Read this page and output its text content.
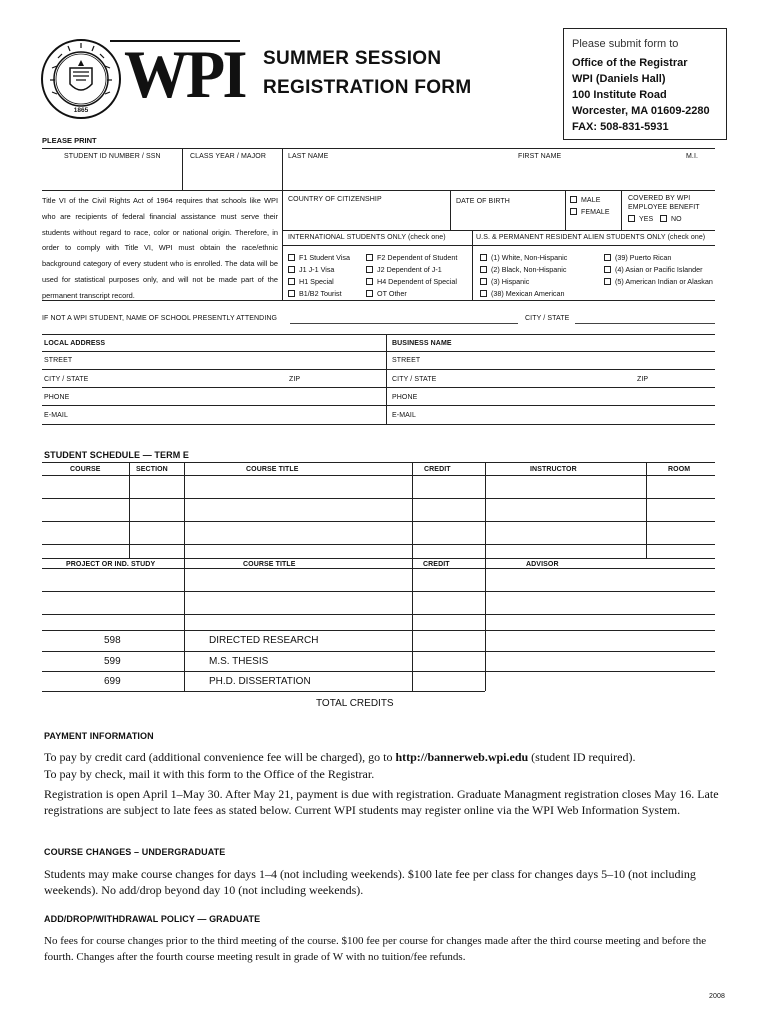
1865 WPI SUMMER SESSION
REGISTRATION FORM
Please submit form to
Office of the Registrar
WPI (Daniels Hall)
100 Institute Road
Worcester, MA 01609-2280
FAX: 508-831-5931
PLEASE PRINT
STUDENT ID NUMBER / SSN	CLASS YEAR / MAJOR	LAST NAME	FIRST NAME	M.I.
Title VI of the Civil Rights Act of 1964 requires that schools like WPI who are recipients of federal financial assistance must serve their students without regard to race, color or national origin. Therefore, in order to comply with Title VI, WPI must obtain the race/ethnic background category of every student who is enrolled. The data will be used for statistical purposes only, and will not be made part of the permanent transcript record.
COUNTRY OF CITIZENSHIP	DATE OF BIRTH	MALE
FEMALE
COVERED BY WPI
EMPLOYEE BENEFIT
YES	NO
INTERNATIONAL STUDENTS ONLY (check one)	U.S. & PERMANENT RESIDENT ALIEN STUDENTS ONLY (check one)
F1 Student Visa
J1 J-1 Visa
H1 Special
B1/B2 Tourist
F2 Dependent of Student
J2 Dependent of J-1
H4 Dependent of Special
OT Other
(1) White, Non-Hispanic
(2) Black, Non-Hispanic
(3) Hispanic
(38) Mexican American
(39) Puerto Rican
(4) Asian or Pacific Islander
(5) American Indian or Alaskan
IF NOT A WPI STUDENT, NAME OF SCHOOL PRESENTLY ATTENDING	CITY / STATE
LOCAL ADDRESS	BUSINESS NAME
STREET	STREET
CITY / STATE	ZIP	CITY / STATE	ZIP
PHONE	PHONE
E-MAIL	E-MAIL
STUDENT SCHEDULE — TERM E
COURSE	SECTION	COURSE TITLE	CREDIT	INSTRUCTOR	ROOM
PROJECT OR IND. STUDY	COURSE TITLE	CREDIT	ADVISOR
598	DIRECTED RESEARCH
599	M.S. THESIS
699	PH.D. DISSERTATION
TOTAL CREDITS
PAYMENT INFORMATION
To pay by credit card (additional convenience fee will be charged), go to http://bannerweb.wpi.edu (student ID required).
To pay by check, mail it with this form to the Office of the Registrar.
Registration is open April 1–May 30. After May 21, payment is due with registration. Graduate Managment registration closes May 16. Late registrations are subject to late fees as stated below. Current WPI students may register online via the WPI Web Information System.
COURSE CHANGES – UNDERGRADUATE
Students may make course changes for days 1–4 (not including weekends). $100 late fee per class for changes days 5–10 (not including weekends). No add/drop beyond day 10 (not including weekends).
ADD/DROP/WITHDRAWAL POLICY — GRADUATE
No fees for course changes prior to the third meeting of the course. $100 fee per course for changes made after the third course meeting and before the fourth. Changes after the fourth course meeting result in grade of W with no tuition/fee refunds.
2008
